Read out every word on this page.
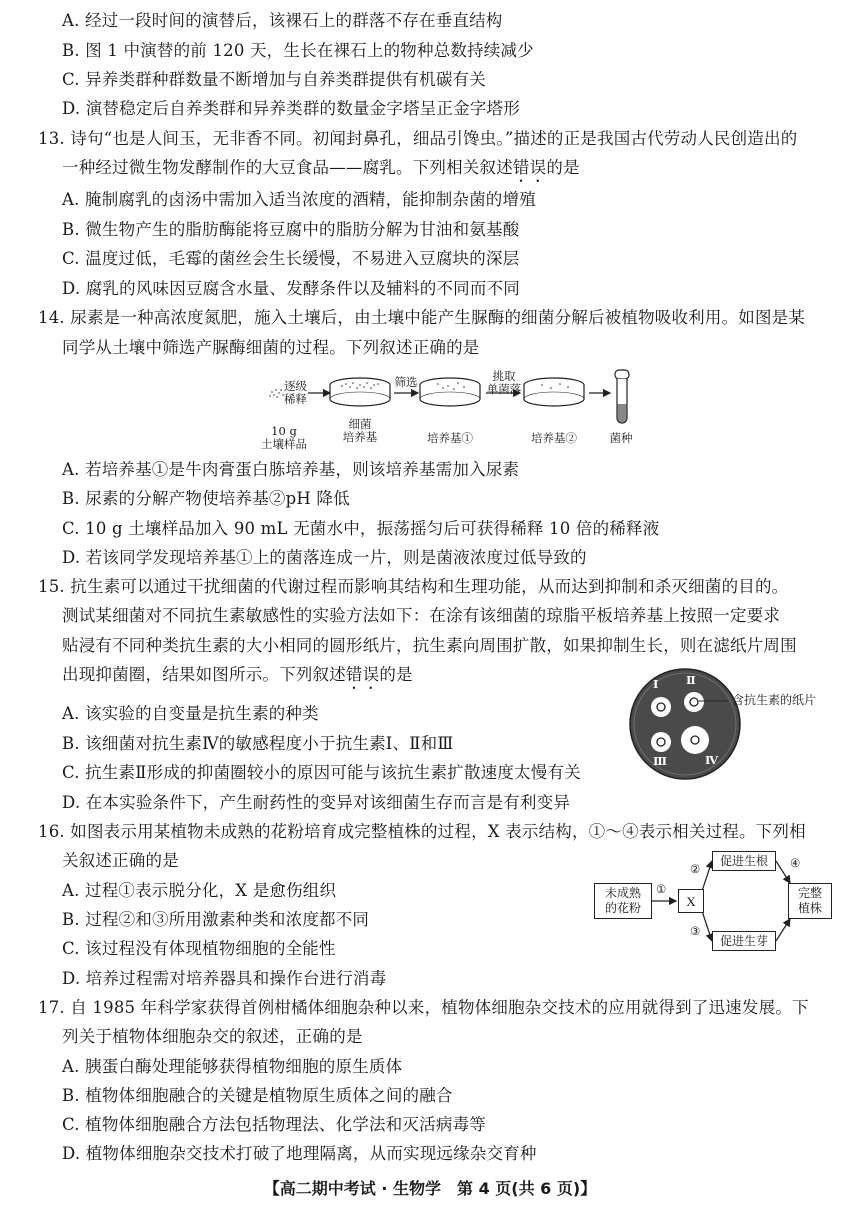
A. 经过一段时间的演替后，该裸石上的群落不存在垂直结构
B. 图 1 中演替的前 120 天，生长在裸石上的物种总数持续减少
C. 异养类群种群数量不断增加与自养类群提供有机碳有关
D. 演替稳定后自养类群和异养类群的数量金字塔呈正金字塔形
13. 诗句“也是人间玉，无非香不同。初闻封鼻孔，细品引馋虫。”描述的正是我国古代劳动人民创造出的
一种经过微生物发酵制作的大豆食品——腐乳。下列相关叙述错误的是
A. 腌制腐乳的卤汤中需加入适当浓度的酒精，能抑制杂菌的增殖
B. 微生物产生的脂肪酶能将豆腐中的脂肪分解为甘油和氨基酸
C. 温度过低，毛霉的菌丝会生长缓慢，不易进入豆腐块的深层
D. 腐乳的风味因豆腐含水量、发酵条件以及辅料的不同而不同
14. 尿素是一种高浓度氮肥，施入土壤后，由土壤中能产生脲酶的细菌分解后被植物吸收利用。如图是某
同学从土壤中筛选产脲酶细菌的过程。下列叙述正确的是
逐级
稀释
10 g
土壤样品
细菌
培养基
筛选
培养基①
挑取
单菌落
培养基②	菌种
A. 若培养基①是牛肉膏蛋白胨培养基，则该培养基需加入尿素
B. 尿素的分解产物使培养基②pH 降低
C. 10 g 土壤样品加入 90 mL 无菌水中，振荡摇匀后可获得稀释 10 倍的稀释液
D. 若该同学发现培养基①上的菌落连成一片，则是菌液浓度过低导致的
15. 抗生素可以通过干扰细菌的代谢过程而影响其结构和生理功能，从而达到抑制和杀灭细菌的目的。
测试某细菌对不同抗生素敏感性的实验方法如下：在涂有该细菌的琼脂平板培养基上按照一定要求
贴浸有不同种类抗生素的大小相同的圆形纸片，抗生素向周围扩散，如果抑制生长，则在滤纸片周围
出现抑菌圈，结果如图所示。下列叙述错误的是	Ⅰ Ⅱ
Ⅲ	Ⅳ
含抗生素的纸片
A. 该实验的自变量是抗生素的种类
B. 该细菌对抗生素Ⅳ的敏感程度小于抗生素Ⅰ、Ⅱ和Ⅲ
C. 抗生素Ⅱ形成的抑菌圈较小的原因可能与该抗生素扩散速度太慢有关
D. 在本实验条件下，产生耐药性的变异对该细菌生存而言是有利变异
16. 如图表示用某植物未成熟的花粉培育成完整植株的过程，X 表示结构，①～④表示相关过程。下列相
关叙述正确的是
未成熟
的花粉	X
促进生根
促进生芽
完整
植株
①
②
③
④
A. 过程①表示脱分化，X 是愈伤组织
B. 过程②和③所用激素种类和浓度都不同
C. 该过程没有体现植物细胞的全能性
D. 培养过程需对培养器具和操作台进行消毒
17. 自 1985 年科学家获得首例柑橘体细胞杂种以来，植物体细胞杂交技术的应用就得到了迅速发展。下
列关于植物体细胞杂交的叙述，正确的是
A. 胰蛋白酶处理能够获得植物细胞的原生质体
B. 植物体细胞融合的关键是植物原生质体之间的融合
C. 植物体细胞融合方法包括物理法、化学法和灭活病毒等
D. 植物体细胞杂交技术打破了地理隔离，从而实现远缘杂交育种
【高二期中考试 · 生物学　第 4 页(共 6 页)】
